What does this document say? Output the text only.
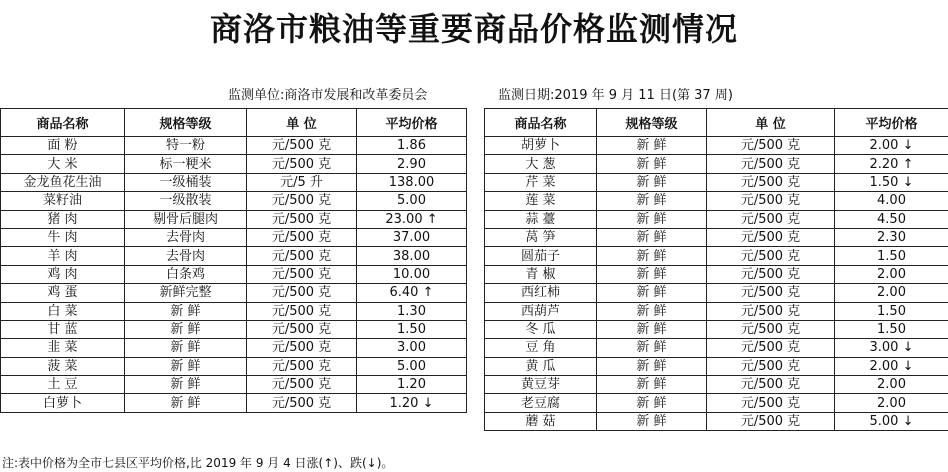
商洛市粮油等重要商品价格监测情况
监测单位:商洛市发展和改革委员会	监测日期:2019 年 9 月 11 日(第 37 周)
商品名称	规格等级	单 位	平均价格
面 粉	特一粉	元/500 克	1.86
大 米	标一粳米	元/500 克	2.90
金龙鱼花生油	一级桶装	元/5 升	138.00
菜籽油	一级散装	元/500 克	5.00
猪 肉	剔骨后腿肉	元/500 克	23.00 ↑
牛 肉	去骨肉	元/500 克	37.00
羊 肉	去骨肉	元/500 克	38.00
鸡 肉	白条鸡	元/500 克	10.00
鸡 蛋	新鲜完整	元/500 克	6.40 ↑
白 菜	新 鲜	元/500 克	1.30
甘 蓝	新 鲜	元/500 克	1.50
韭 菜	新 鲜	元/500 克	3.00
菠 菜	新 鲜	元/500 克	5.00
土 豆	新 鲜	元/500 克	1.20
白萝卜	新 鲜	元/500 克	1.20 ↓
商品名称	规格等级	单 位	平均价格
胡萝卜	新 鲜	元/500 克	2.00 ↓
大 葱	新 鲜	元/500 克	2.20 ↑
芹 菜	新 鲜	元/500 克	1.50 ↓
莲 菜	新 鲜	元/500 克	4.00
蒜 薹	新 鲜	元/500 克	4.50
莴 笋	新 鲜	元/500 克	2.30
圆茄子	新 鲜	元/500 克	1.50
青 椒	新 鲜	元/500 克	2.00
西红柿	新 鲜	元/500 克	2.00
西葫芦	新 鲜	元/500 克	1.50
冬 瓜	新 鲜	元/500 克	1.50
豆 角	新 鲜	元/500 克	3.00 ↓
黄 瓜	新 鲜	元/500 克	2.00 ↓
黄豆芽	新 鲜	元/500 克	2.00
老豆腐	新 鲜	元/500 克	2.00
蘑 菇	新 鲜	元/500 克	5.00 ↓
注:表中价格为全市七县区平均价格,比 2019 年 9 月 4 日涨(↑)、跌(↓)。
